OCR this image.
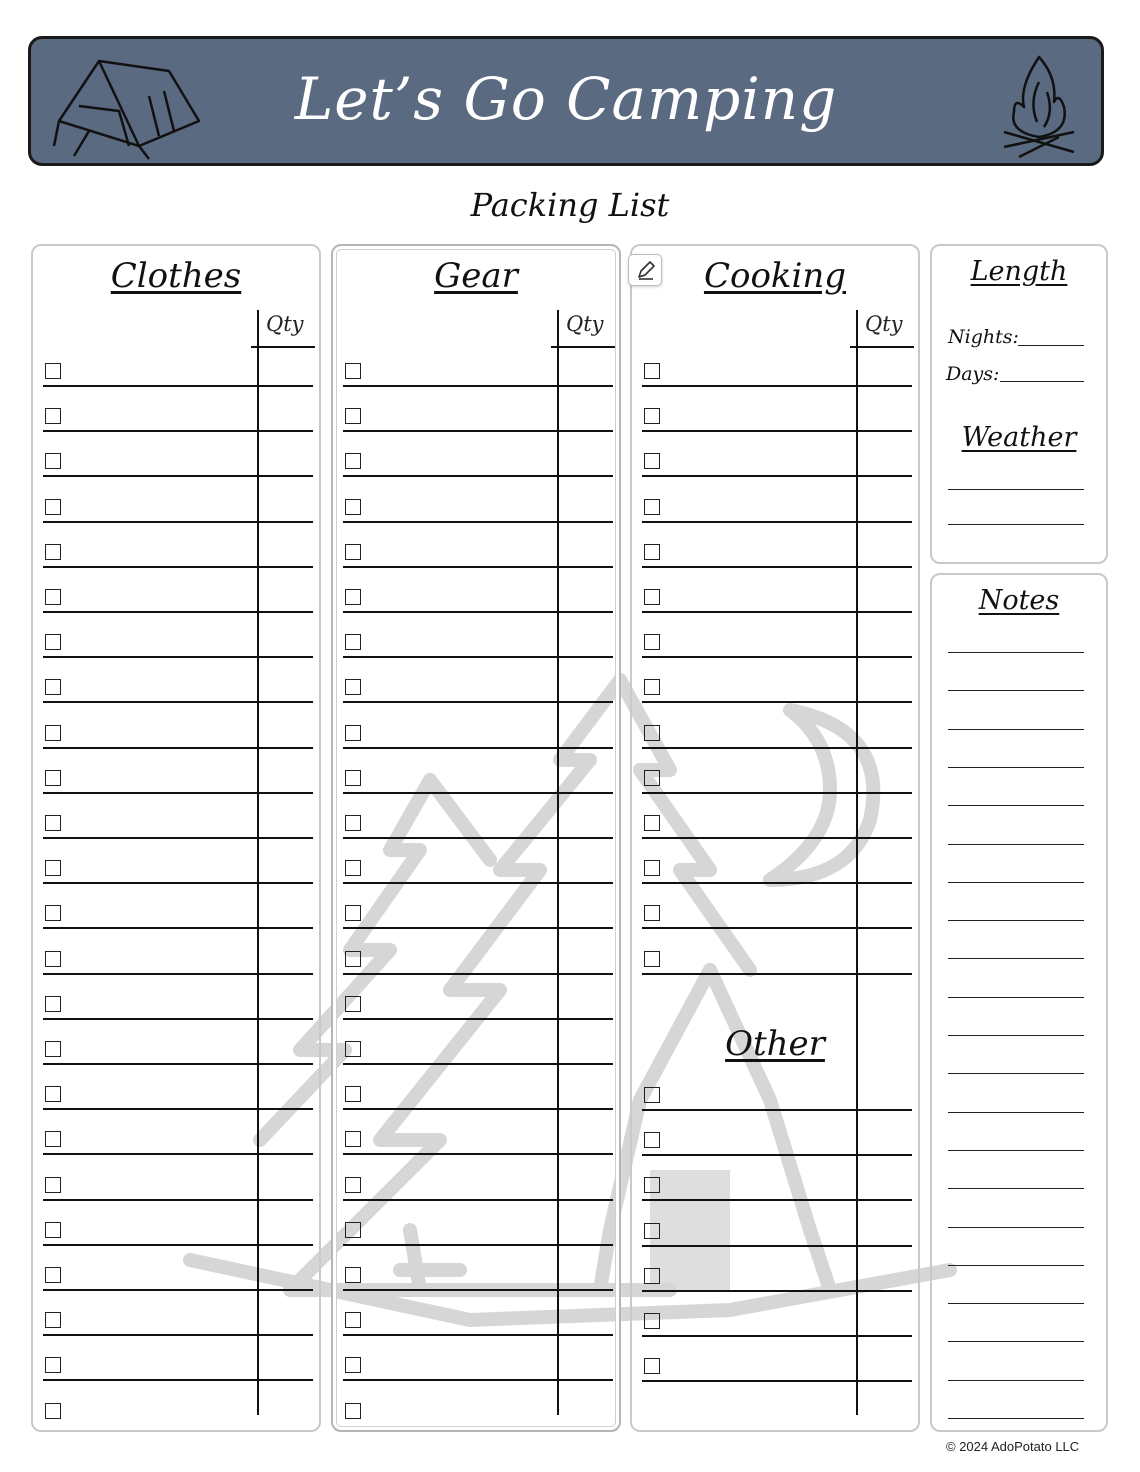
Let’s Go Camping
Packing List
Clothes
Qty
Gear
Qty
Cooking
Qty
Other
Length
Nights:
Days:
Weather
Notes
© 2024 AdoPotato LLC
